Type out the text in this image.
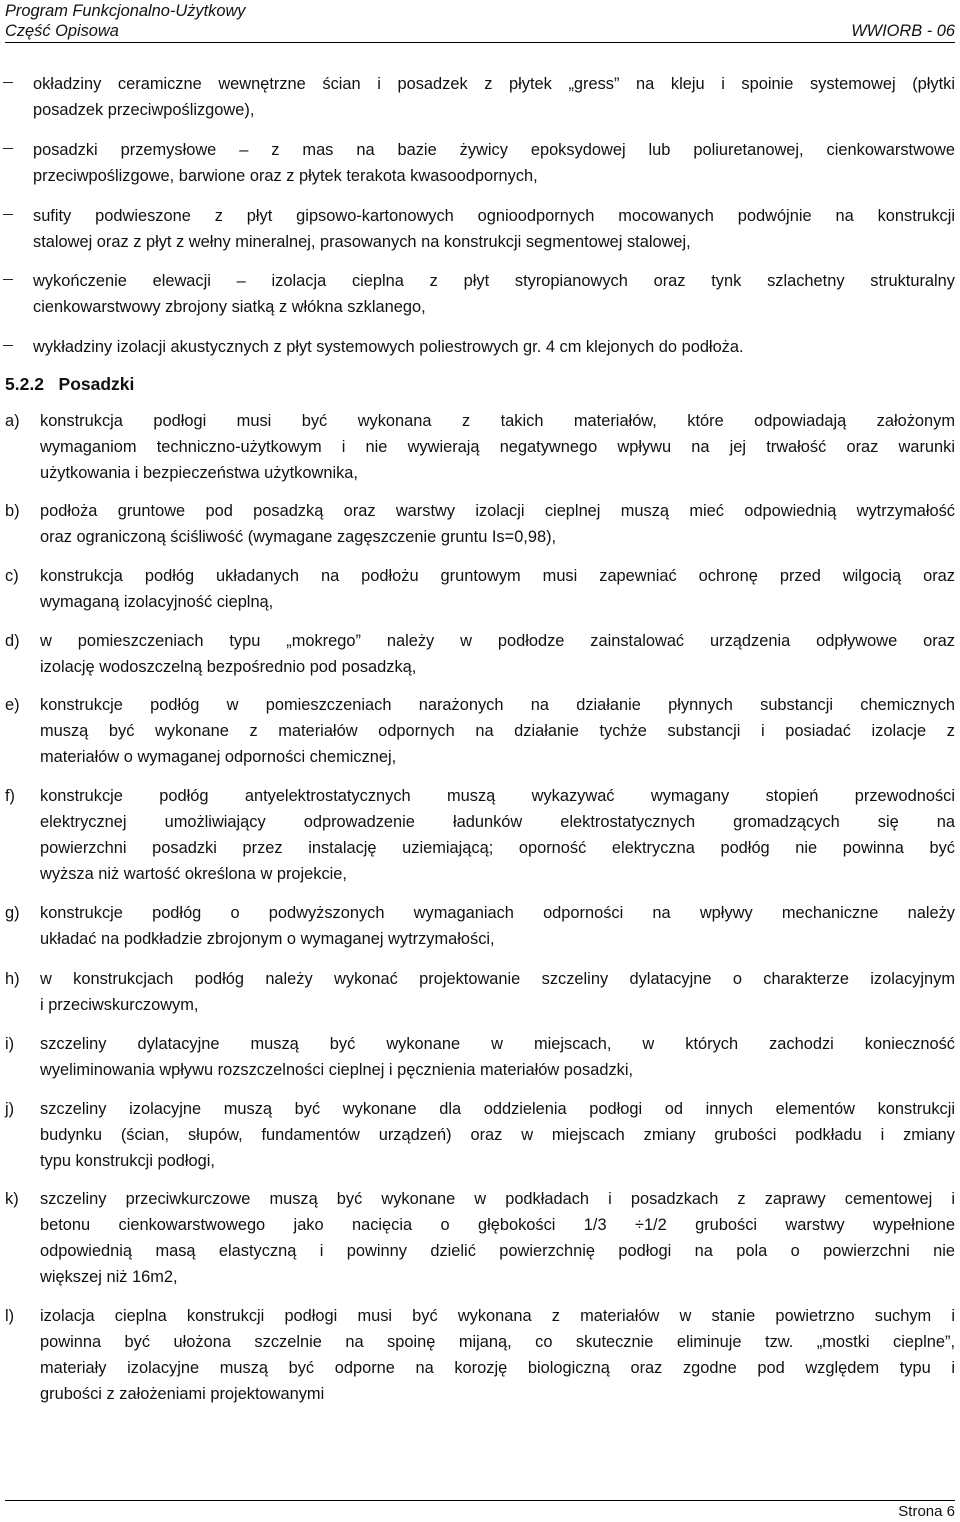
Program Funkcjonalno-Użytkowy
Część Opisowa	WWIORB - 06
okładziny ceramiczne wewnętrzne ścian i posadzek z płytek „gress” na kleju i spoinie systemowej (płytki
posadzek przeciwpoślizgowe),
posadzki przemysłowe – z mas na bazie żywicy epoksydowej lub poliuretanowej, cienkowarstwowe
przeciwpoślizgowe, barwione oraz z płytek terakota kwasoodpornych,
sufity podwieszone z płyt gipsowo-kartonowych ognioodpornych mocowanych podwójnie na konstrukcji
stalowej oraz z płyt z wełny mineralnej, prasowanych na konstrukcji segmentowej stalowej,
wykończenie elewacji – izolacja cieplna z płyt styropianowych oraz tynk szlachetny strukturalny
cienkowarstwowy zbrojony siatką z włókna szklanego,
wykładziny izolacji akustycznych z płyt systemowych poliestrowych gr. 4 cm klejonych do podłoża.
5.2.2 Posadzki
a) konstrukcja podłogi musi być wykonana z takich materiałów, które odpowiadają założonym
wymaganiom techniczno-użytkowym i nie wywierają negatywnego wpływu na jej trwałość oraz warunki
użytkowania i bezpieczeństwa użytkownika,
b) podłoża gruntowe pod posadzką oraz warstwy izolacji cieplnej muszą mieć odpowiednią wytrzymałość
oraz ograniczoną ściśliwość (wymagane zagęszczenie gruntu Is=0,98),
c) konstrukcja podłóg układanych na podłożu gruntowym musi zapewniać ochronę przed wilgocią oraz
wymaganą izolacyjność cieplną,
d) w pomieszczeniach typu „mokrego” należy w podłodze zainstalować urządzenia odpływowe oraz
izolację wodoszczelną bezpośrednio pod posadzką,
e) konstrukcje podłóg w pomieszczeniach narażonych na działanie płynnych substancji chemicznych
muszą być wykonane z materiałów odpornych na działanie tychże substancji i posiadać izolacje z
materiałów o wymaganej odporności chemicznej,
f) konstrukcje podłóg antyelektrostatycznych muszą wykazywać wymagany stopień przewodności
elektrycznej umożliwiający odprowadzenie ładunków elektrostatycznych gromadzących się na
powierzchni posadzki przez instalację uziemiającą; oporność elektryczna podłóg nie powinna być
wyższa niż wartość określona w projekcie,
g) konstrukcje podłóg o podwyższonych wymaganiach odporności na wpływy mechaniczne należy
układać na podkładzie zbrojonym o wymaganej wytrzymałości,
h) w konstrukcjach podłóg należy wykonać projektowanie szczeliny dylatacyjne o charakterze izolacyjnym
i przeciwskurczowym,
i) szczeliny dylatacyjne muszą być wykonane w miejscach, w których zachodzi konieczność
wyeliminowania wpływu rozszczelności cieplnej i pęcznienia materiałów posadzki,
j) szczeliny izolacyjne muszą być wykonane dla oddzielenia podłogi od innych elementów konstrukcji
budynku (ścian, słupów, fundamentów urządzeń) oraz w miejscach zmiany grubości podkładu i zmiany
typu konstrukcji podłogi,
k) szczeliny przeciwkurczowe muszą być wykonane w podkładach i posadzkach z zaprawy cementowej i
betonu cienkowarstwowego jako nacięcia o głębokości 1/3 ÷1/2 grubości warstwy wypełnione
odpowiednią masą elastyczną i powinny dzielić powierzchnię podłogi na pola o powierzchni nie
większej niż 16m2,
l) izolacja cieplna konstrukcji podłogi musi być wykonana z materiałów w stanie powietrzno suchym i
powinna być ułożona szczelnie na spoinę mijaną, co skutecznie eliminuje tzw. „mostki cieplne”,
materiały izolacyjne muszą być odporne na korozję biologiczną oraz zgodne pod względem typu i
grubości z założeniami projektowanymi
Strona 6
